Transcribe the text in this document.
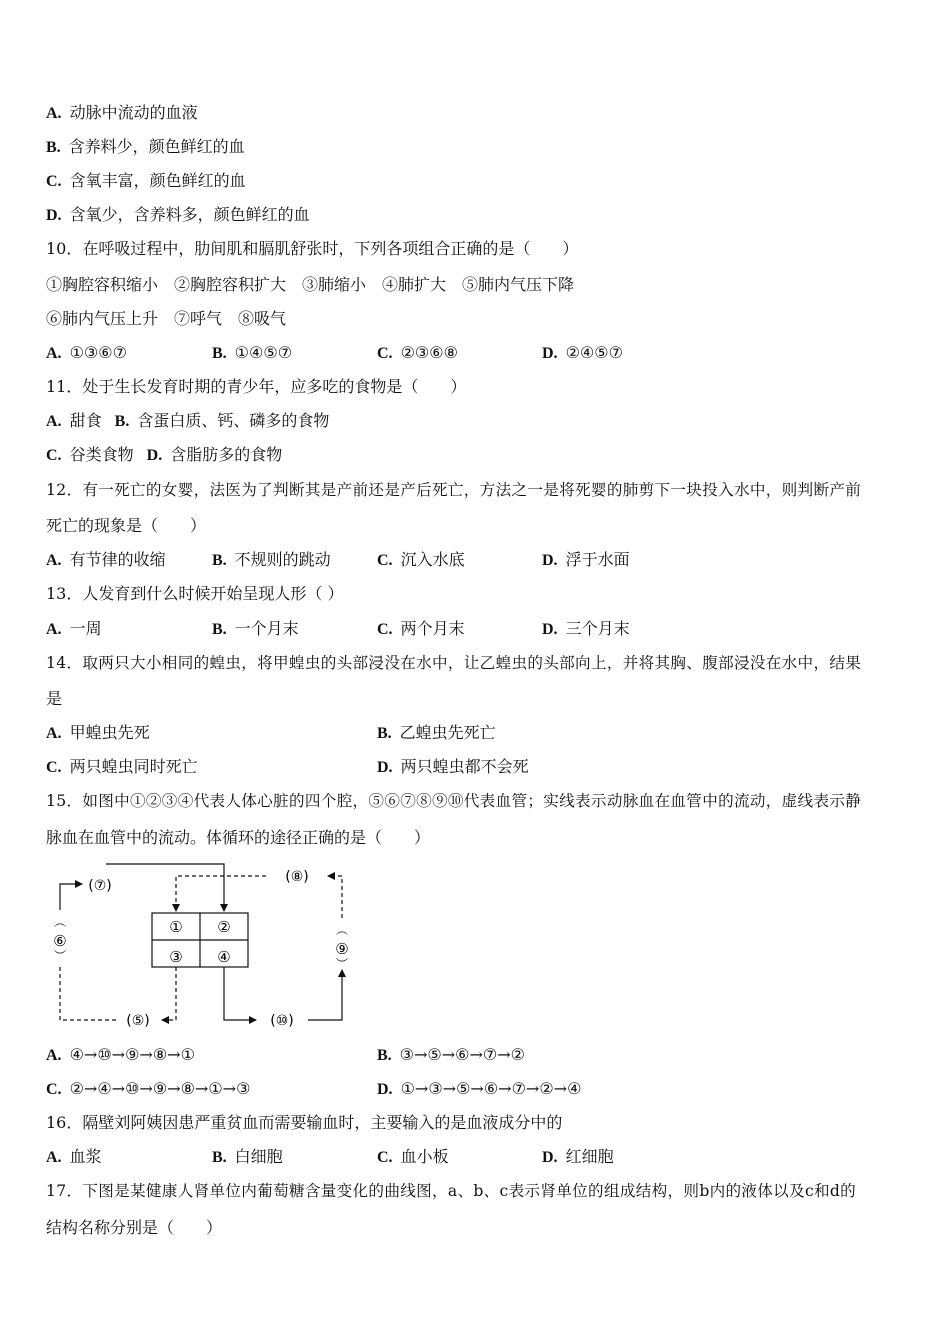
A. 动脉中流动的血液
B. 含养料少，颜色鲜红的血
C. 含氧丰富，颜色鲜红的血
D. 含氧少，含养料多，颜色鲜红的血
10．在呼吸过程中，肋间肌和膈肌舒张时，下列各项组合正确的是（　　）
①胸腔容积缩小　②胸腔容积扩大　③肺缩小　④肺扩大　⑤肺内气压下降
⑥肺内气压上升　⑦呼气　⑧吸气
A. ①③⑥⑦	B. ①④⑤⑦	C. ②③⑥⑧	D. ②④⑤⑦
11．处于生长发育时期的青少年，应多吃的食物是（　　）
A. 甜食 B. 含蛋白质、钙、磷多的食物
C. 谷类食物 D. 含脂肪多的食物
12．有一死亡的女婴，法医为了判断其是产前还是产后死亡，方法之一是将死婴的肺剪下一块投入水中，则判断产前
死亡的现象是（　　）
A. 有节律的收缩	B. 不规则的跳动	C. 沉入水底	D. 浮于水面
13．人发育到什么时候开始呈现人形（ ）
A. 一周	B. 一个月末	C. 两个月末	D. 三个月末
14．取两只大小相同的蝗虫，将甲蝗虫的头部浸没在水中，让乙蝗虫的头部向上，并将其胸、腹部浸没在水中，结果
是
A. 甲蝗虫先死	B. 乙蝗虫先死亡
C. 两只蝗虫同时死亡	D. 两只蝗虫都不会死
15．如图中①②③④代表人体心脏的四个腔，⑤⑥⑦⑧⑨⑩代表血管；实线表示动脉血在血管中的流动，虚线表示静
脉血在血管中的流动。体循环的途径正确的是（　　）
① ②
③ ④
(⑦)
(⑧)
(⑤)	(⑩)
︵
⑥
︶
︵
⑨
︶
A. ④→⑩→⑨→⑧→①	B. ③→⑤→⑥→⑦→②
C. ②→④→⑩→⑨→⑧→①→③	D. ①→③→⑤→⑥→⑦→②→④
16．隔壁刘阿姨因患严重贫血而需要输血时，主要输入的是血液成分中的
A. 血浆	B. 白细胞	C. 血小板	D. 红细胞
17．下图是某健康人肾单位内葡萄糖含量变化的曲线图，a、b、c表示肾单位的组成结构，则b内的液体以及c和d的
结构名称分别是（　　）
